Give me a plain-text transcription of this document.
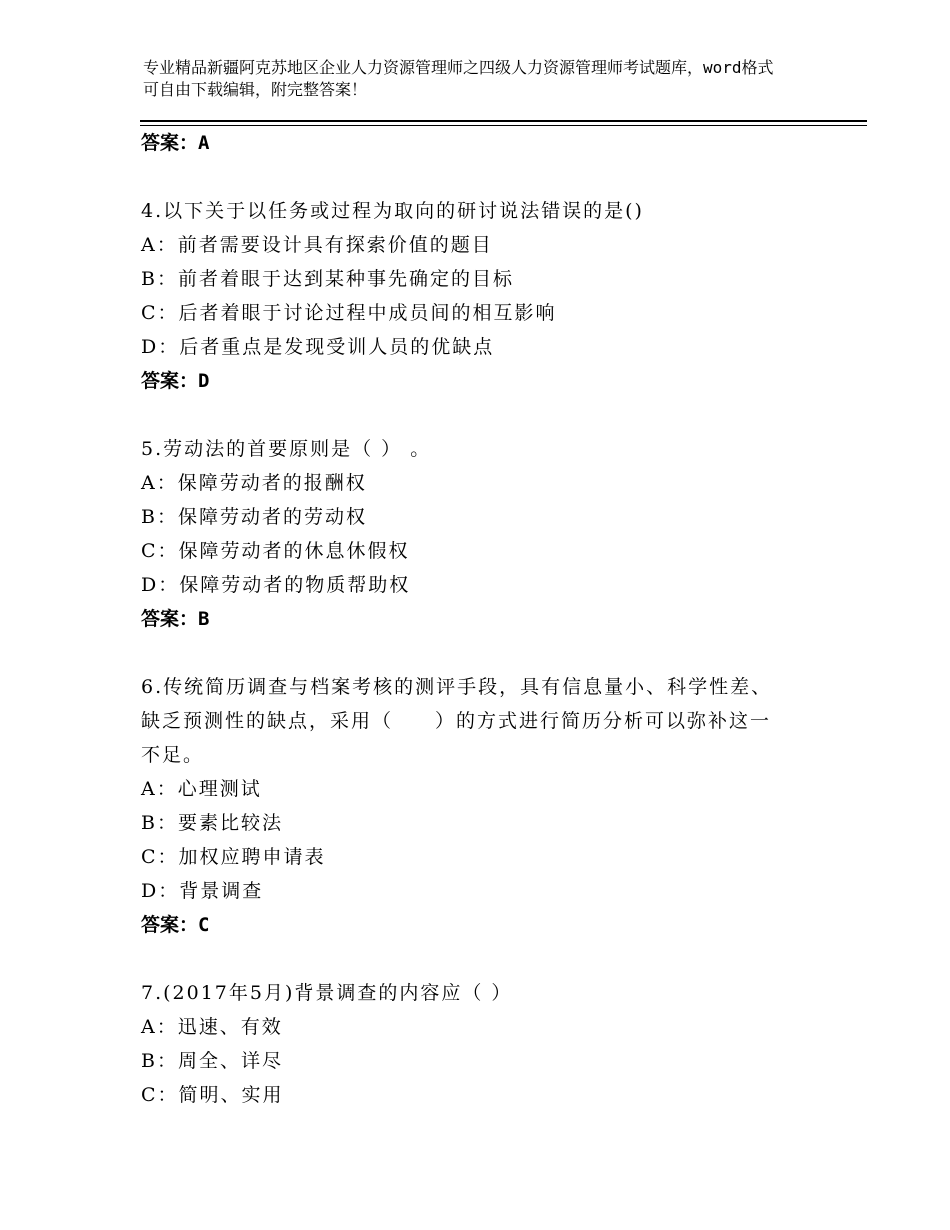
专业精品新疆阿克苏地区企业人力资源管理师之四级人力资源管理师考试题库，word格式可自由下载编辑，附完整答案！
答案：A
4.以下关于以任务或过程为取向的研讨说法错误的是()
A：前者需要设计具有探索价值的题目
B：前者着眼于达到某种事先确定的目标
C：后者着眼于讨论过程中成员间的相互影响
D：后者重点是发现受训人员的优缺点
答案：D
5.劳动法的首要原则是（ ） 。
A：保障劳动者的报酬权
B：保障劳动者的劳动权
C：保障劳动者的休息休假权
D：保障劳动者的物质帮助权
答案：B
6.传统简历调查与档案考核的测评手段，具有信息量小、科学性差、
缺乏预测性的缺点，采用（　　）的方式进行简历分析可以弥补这一
不足。
A：心理测试
B：要素比较法
C：加权应聘申请表
D：背景调查
答案：C
7.(2017年5月)背景调查的内容应（ ）
A：迅速、有效
B：周全、详尽
C：简明、实用
